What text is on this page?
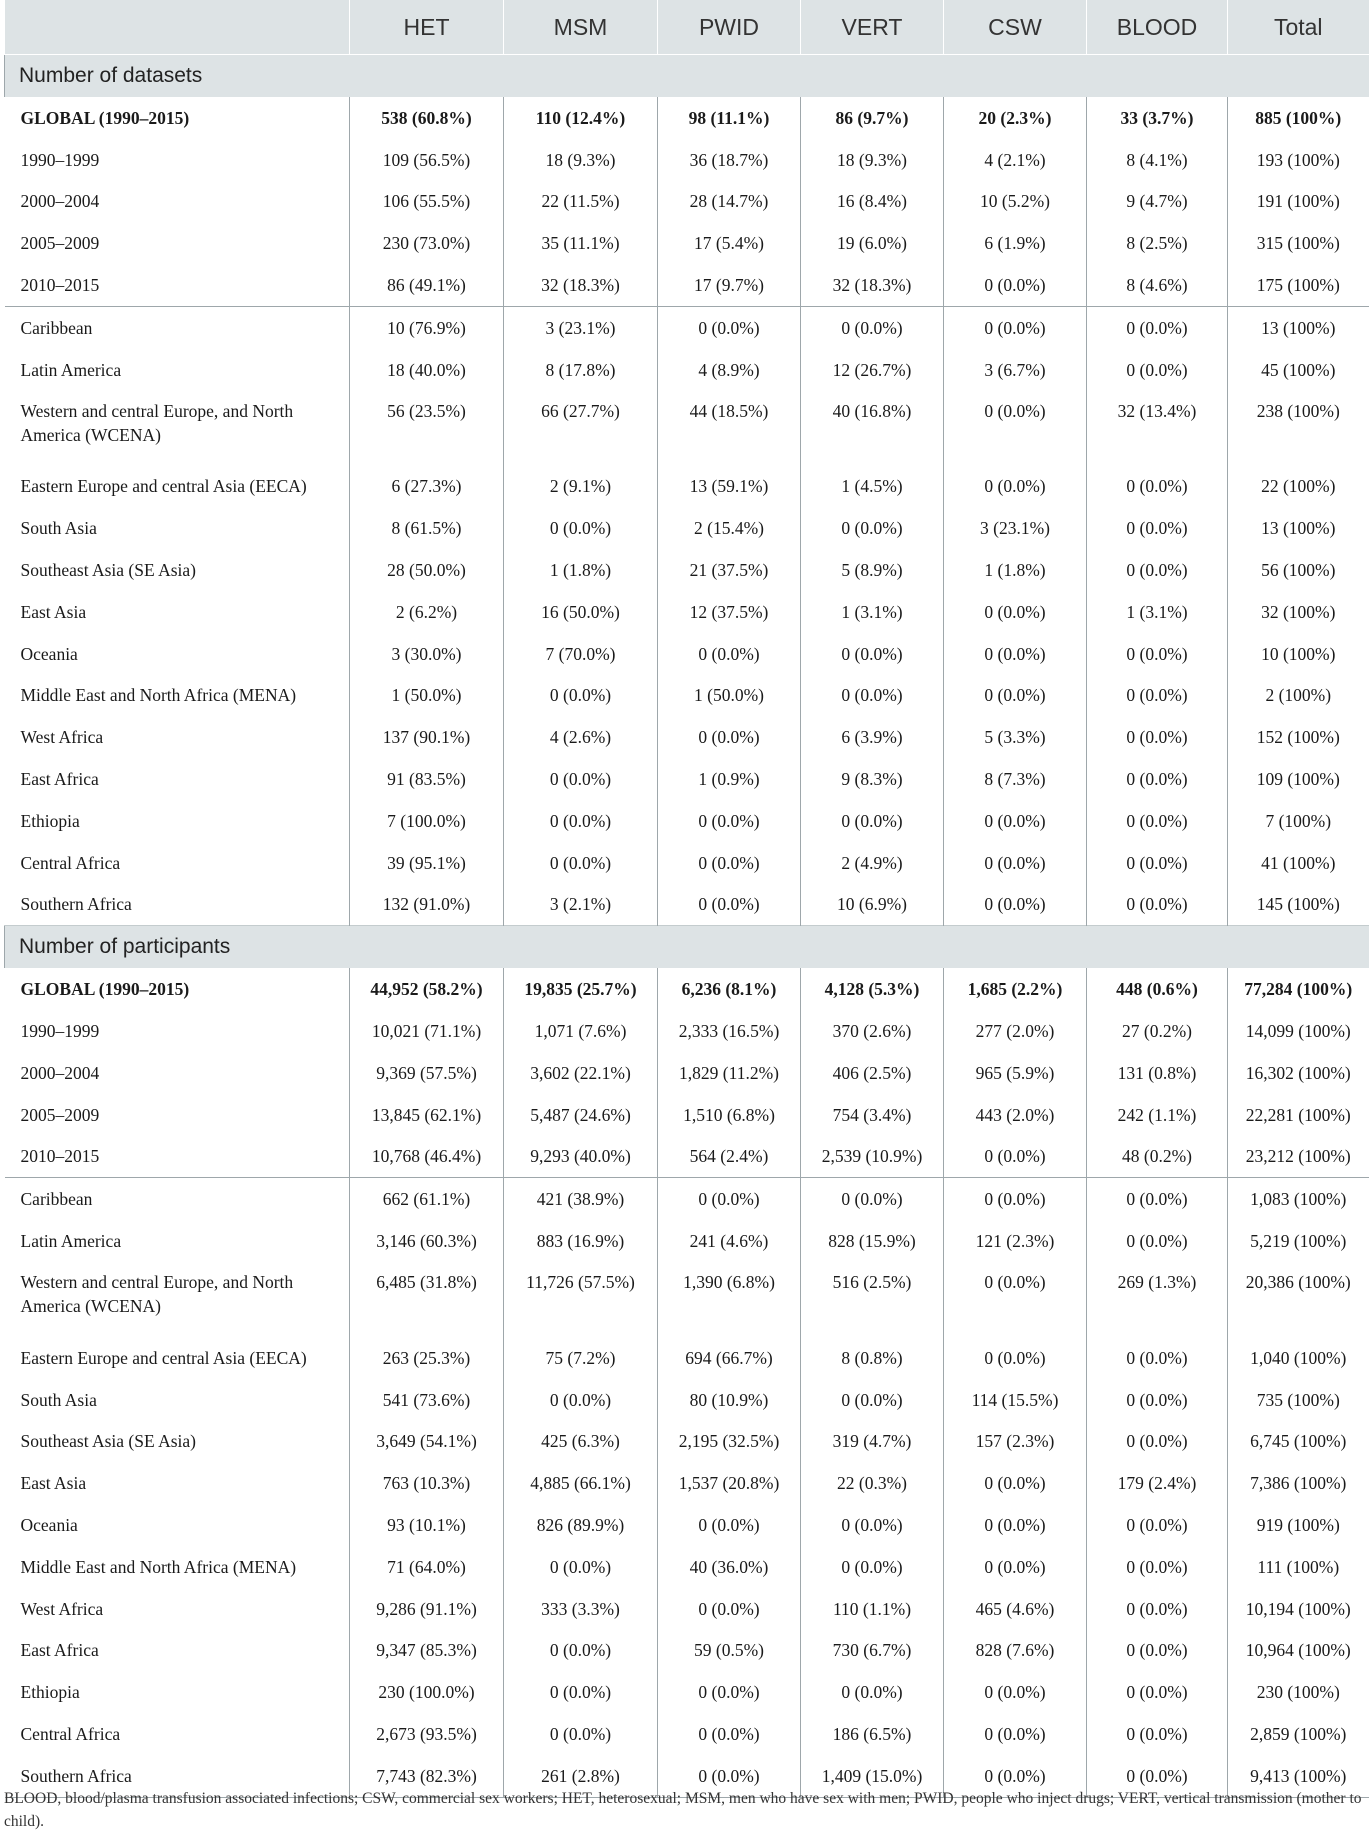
	HET	MSM	PWID	VERT	CSW	BLOOD	Total
Number of datasets							
GLOBAL (1990–2015)	538 (60.8%)	110 (12.4%)	98 (11.1%)	86 (9.7%)	20 (2.3%)	33 (3.7%)	885 (100%)
1990–1999	109 (56.5%)	18 (9.3%)	36 (18.7%)	18 (9.3%)	4 (2.1%)	8 (4.1%)	193 (100%)
2000–2004	106 (55.5%)	22 (11.5%)	28 (14.7%)	16 (8.4%)	10 (5.2%)	9 (4.7%)	191 (100%)
2005–2009	230 (73.0%)	35 (11.1%)	17 (5.4%)	19 (6.0%)	6 (1.9%)	8 (2.5%)	315 (100%)
2010–2015	86 (49.1%)	32 (18.3%)	17 (9.7%)	32 (18.3%)	0 (0.0%)	8 (4.6%)	175 (100%)
Caribbean	10 (76.9%)	3 (23.1%)	0 (0.0%)	0 (0.0%)	0 (0.0%)	0 (0.0%)	13 (100%)
Latin America	18 (40.0%)	8 (17.8%)	4 (8.9%)	12 (26.7%)	3 (6.7%)	0 (0.0%)	45 (100%)
Western and central Europe, and North America (WCENA)	56 (23.5%)	66 (27.7%)	44 (18.5%)	40 (16.8%)	0 (0.0%)	32 (13.4%)	238 (100%)
Eastern Europe and central Asia (EECA)	6 (27.3%)	2 (9.1%)	13 (59.1%)	1 (4.5%)	0 (0.0%)	0 (0.0%)	22 (100%)
South Asia	8 (61.5%)	0 (0.0%)	2 (15.4%)	0 (0.0%)	3 (23.1%)	0 (0.0%)	13 (100%)
Southeast Asia (SE Asia)	28 (50.0%)	1 (1.8%)	21 (37.5%)	5 (8.9%)	1 (1.8%)	0 (0.0%)	56 (100%)
East Asia	2 (6.2%)	16 (50.0%)	12 (37.5%)	1 (3.1%)	0 (0.0%)	1 (3.1%)	32 (100%)
Oceania	3 (30.0%)	7 (70.0%)	0 (0.0%)	0 (0.0%)	0 (0.0%)	0 (0.0%)	10 (100%)
Middle East and North Africa (MENA)	1 (50.0%)	0 (0.0%)	1 (50.0%)	0 (0.0%)	0 (0.0%)	0 (0.0%)	2 (100%)
West Africa	137 (90.1%)	4 (2.6%)	0 (0.0%)	6 (3.9%)	5 (3.3%)	0 (0.0%)	152 (100%)
East Africa	91 (83.5%)	0 (0.0%)	1 (0.9%)	9 (8.3%)	8 (7.3%)	0 (0.0%)	109 (100%)
Ethiopia	7 (100.0%)	0 (0.0%)	0 (0.0%)	0 (0.0%)	0 (0.0%)	0 (0.0%)	7 (100%)
Central Africa	39 (95.1%)	0 (0.0%)	0 (0.0%)	2 (4.9%)	0 (0.0%)	0 (0.0%)	41 (100%)
Southern Africa	132 (91.0%)	3 (2.1%)	0 (0.0%)	10 (6.9%)	0 (0.0%)	0 (0.0%)	145 (100%)
Number of participants							
GLOBAL (1990–2015)	44,952 (58.2%)	19,835 (25.7%)	6,236 (8.1%)	4,128 (5.3%)	1,685 (2.2%)	448 (0.6%)	77,284 (100%)
1990–1999	10,021 (71.1%)	1,071 (7.6%)	2,333 (16.5%)	370 (2.6%)	277 (2.0%)	27 (0.2%)	14,099 (100%)
2000–2004	9,369 (57.5%)	3,602 (22.1%)	1,829 (11.2%)	406 (2.5%)	965 (5.9%)	131 (0.8%)	16,302 (100%)
2005–2009	13,845 (62.1%)	5,487 (24.6%)	1,510 (6.8%)	754 (3.4%)	443 (2.0%)	242 (1.1%)	22,281 (100%)
2010–2015	10,768 (46.4%)	9,293 (40.0%)	564 (2.4%)	2,539 (10.9%)	0 (0.0%)	48 (0.2%)	23,212 (100%)
Caribbean	662 (61.1%)	421 (38.9%)	0 (0.0%)	0 (0.0%)	0 (0.0%)	0 (0.0%)	1,083 (100%)
Latin America	3,146 (60.3%)	883 (16.9%)	241 (4.6%)	828 (15.9%)	121 (2.3%)	0 (0.0%)	5,219 (100%)
Western and central Europe, and North America (WCENA)	6,485 (31.8%)	11,726 (57.5%)	1,390 (6.8%)	516 (2.5%)	0 (0.0%)	269 (1.3%)	20,386 (100%)
Eastern Europe and central Asia (EECA)	263 (25.3%)	75 (7.2%)	694 (66.7%)	8 (0.8%)	0 (0.0%)	0 (0.0%)	1,040 (100%)
South Asia	541 (73.6%)	0 (0.0%)	80 (10.9%)	0 (0.0%)	114 (15.5%)	0 (0.0%)	735 (100%)
Southeast Asia (SE Asia)	3,649 (54.1%)	425 (6.3%)	2,195 (32.5%)	319 (4.7%)	157 (2.3%)	0 (0.0%)	6,745 (100%)
East Asia	763 (10.3%)	4,885 (66.1%)	1,537 (20.8%)	22 (0.3%)	0 (0.0%)	179 (2.4%)	7,386 (100%)
Oceania	93 (10.1%)	826 (89.9%)	0 (0.0%)	0 (0.0%)	0 (0.0%)	0 (0.0%)	919 (100%)
Middle East and North Africa (MENA)	71 (64.0%)	0 (0.0%)	40 (36.0%)	0 (0.0%)	0 (0.0%)	0 (0.0%)	111 (100%)
West Africa	9,286 (91.1%)	333 (3.3%)	0 (0.0%)	110 (1.1%)	465 (4.6%)	0 (0.0%)	10,194 (100%)
East Africa	9,347 (85.3%)	0 (0.0%)	59 (0.5%)	730 (6.7%)	828 (7.6%)	0 (0.0%)	10,964 (100%)
Ethiopia	230 (100.0%)	0 (0.0%)	0 (0.0%)	0 (0.0%)	0 (0.0%)	0 (0.0%)	230 (100%)
Central Africa	2,673 (93.5%)	0 (0.0%)	0 (0.0%)	186 (6.5%)	0 (0.0%)	0 (0.0%)	2,859 (100%)
Southern Africa	7,743 (82.3%)	261 (2.8%)	0 (0.0%)	1,409 (15.0%)	0 (0.0%)	0 (0.0%)	9,413 (100%)
BLOOD, blood/plasma transfusion associated infections; CSW, commercial sex workers; HET, heterosexual; MSM, men who have sex with men; PWID, people who inject drugs; VERT, vertical transmission (mother to child).
